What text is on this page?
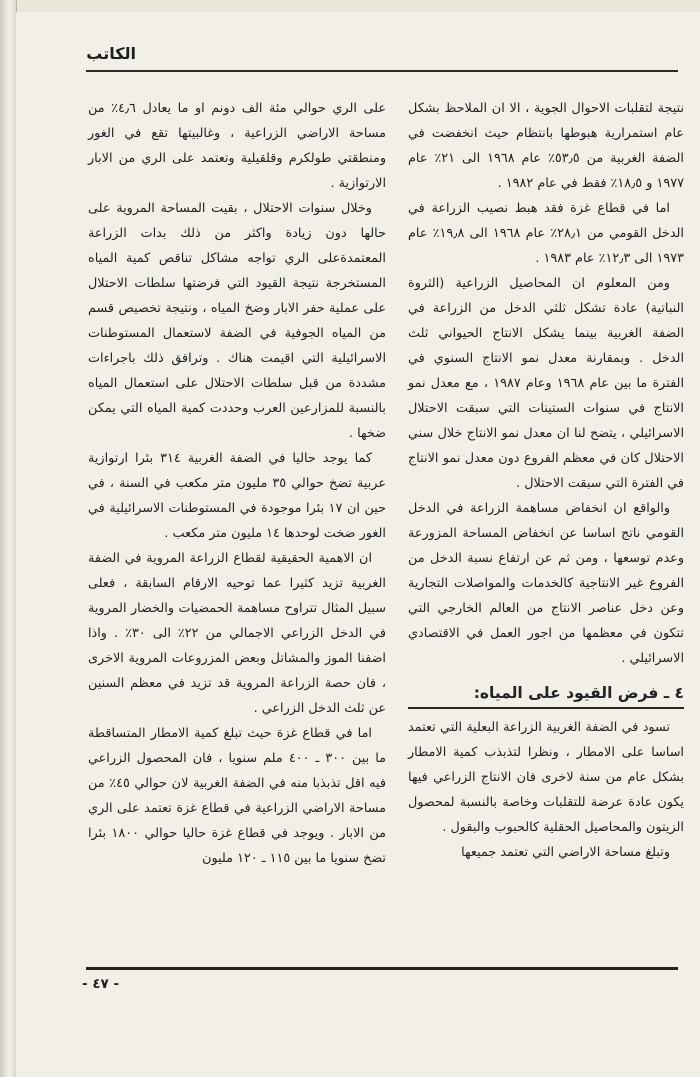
الكاتب

نتيجة لتقلبات الاحوال الجوية ، الا ان الملاحظ بشكل عام استمرارية هبوطها بانتظام حيث انخفضت في الضفة الغربية من ٥٣٫٥٪ عام ١٩٦٨ الى ٢١٪ عام ١٩٧٧ و ١٨٫٥٪ فقط في عام ١٩٨٢ .

اما في قطاع غزة فقد هبط نصيب الزراعة في الدخل القومي من ٢٨٫١٪ عام ١٩٦٨ الى ١٩٫٨٪ عام ١٩٧٣ الى ١٢٫٣٪ عام ١٩٨٣ .

ومن المعلوم ان المحاصيل الزراعية (الثروة النباتية) عادة تشكل ثلثي الدخل من الزراعة في الضفة الغربية بينما يشكل الانتاج الحيواني ثلث الدخل . وبمقارنة معدل نمو الانتاج السنوي في الفترة ما بين عام ١٩٦٨ وعام ١٩٨٧ ، مع معدل نمو الانتاج في سنوات الستينات التي سبقت الاحتلال الاسرائيلي ، يتضح لنا ان معدل نمو الانتاج خلال سني الاحتلال كان في معظم الفروع دون معدل نمو الانتاج في الفترة التي سبقت الاحتلال .

والواقع ان انخفاض مساهمة الزراعة في الدخل القومي ناتج اساسا عن انخفاض المساحة المزورعة وعدم توسعها ، ومن ثم عن ارتفاع نسبة الدخل من الفروع غير الانتاجية كالخدمات والمواصلات التجارية وعن دخل عناصر الانتاج من العالم الخارجي التي تتكون في معظمها من اجور العمل في الاقتصادي الاسرائيلي .

٤ ـ فرض القيود على المياه:

تسود في الضفة الغربية الزراعة البعلية التي تعتمد اساسا على الامطار ، ونظرا لتذبذب كمية الامطار بشكل عام من سنة لاخرى فان الانتاج الزراعي فيها يكون عادة عرضة للتقلبات وخاصة بالنسبة لمحصول الزيتون والمحاصيل الحقلية كالحبوب والبقول .

وتبلغ مساحة الاراضي التي تعتمد جميعها

على الري حوالي مئة الف دونم او ما يعادل ٤٫٦٪ من مساحة الاراضي الزراعية ، وغالبيتها تقع في الغور ومنطقتي طولكرم وقلقيلية وتعتمد على الري من الابار الارتوازية .

وخلال سنوات الاحتلال ، بقيت المساحة المروية على حالها دون زيادة واكثر من ذلك بدات الزراعة المعتمدةعلى الري تواجه مشاكل تناقص كمية المياه المستخرجة نتيجة القيود التي فرضتها سلطات الاحتلال على عملية حفر الابار وضخ المياه ، ونتيجة تخصيص قسم من المياه الجوفية في الضفة لاستعمال المستوطنات الاسرائيلية التي اقيمت هناك . وترافق ذلك باجراءات مشددة من قبل سلطات الاحتلال على استعمال المياه بالنسبة للمزارعين العرب وحددت كمية المياه التي يمكن ضخها .

كما يوجد حاليا في الضفة الغربية ٣١٤ بئرا ارتوازية عربية تضخ حوالي ٣٥ مليون متر مكعب في السنة ، في حين ان ١٧ بئرا موجودة في المستوطنات الاسرائيلية في الغور ضخت لوحدها ١٤ مليون متر مكعب .

ان الاهمية الحقيقية لقطاع الزراعة المروية في الضفة الغربية تزيد كثيرا عما توحيه الارقام السابقة ، فعلى سبيل المثال تتراوح مساهمة الحمضيات والخضار المروية في الدخل الزراعي الاجمالي من ٢٢٪ الى ٣٠٪ . واذا اضفنا الموز والمشاتل وبعض المزروعات المروية الاخرى ، فان حصة الزراعة المروية قد تزيد في معظم السنين عن ثلث الدخل الزراعي .

اما في قطاع غزة حيث تبلغ كمية الامطار المتساقطة ما بين ٣٠٠ ـ ٤٠٠ ملم سنويا ، فان المحصول الزراعي فيه اقل تذبذبا منه في الضفة الغربية لان حوالي ٤٥٪ من مساحة الاراضي الزراعية في قطاع غزة تعتمد على الري من الابار . ويوجد في قطاع غزة حاليا حوالي ١٨٠٠ بئرا تضخ سنويا ما بين ١١٥ ـ ١٢٠ مليون

- ٤٧ -
